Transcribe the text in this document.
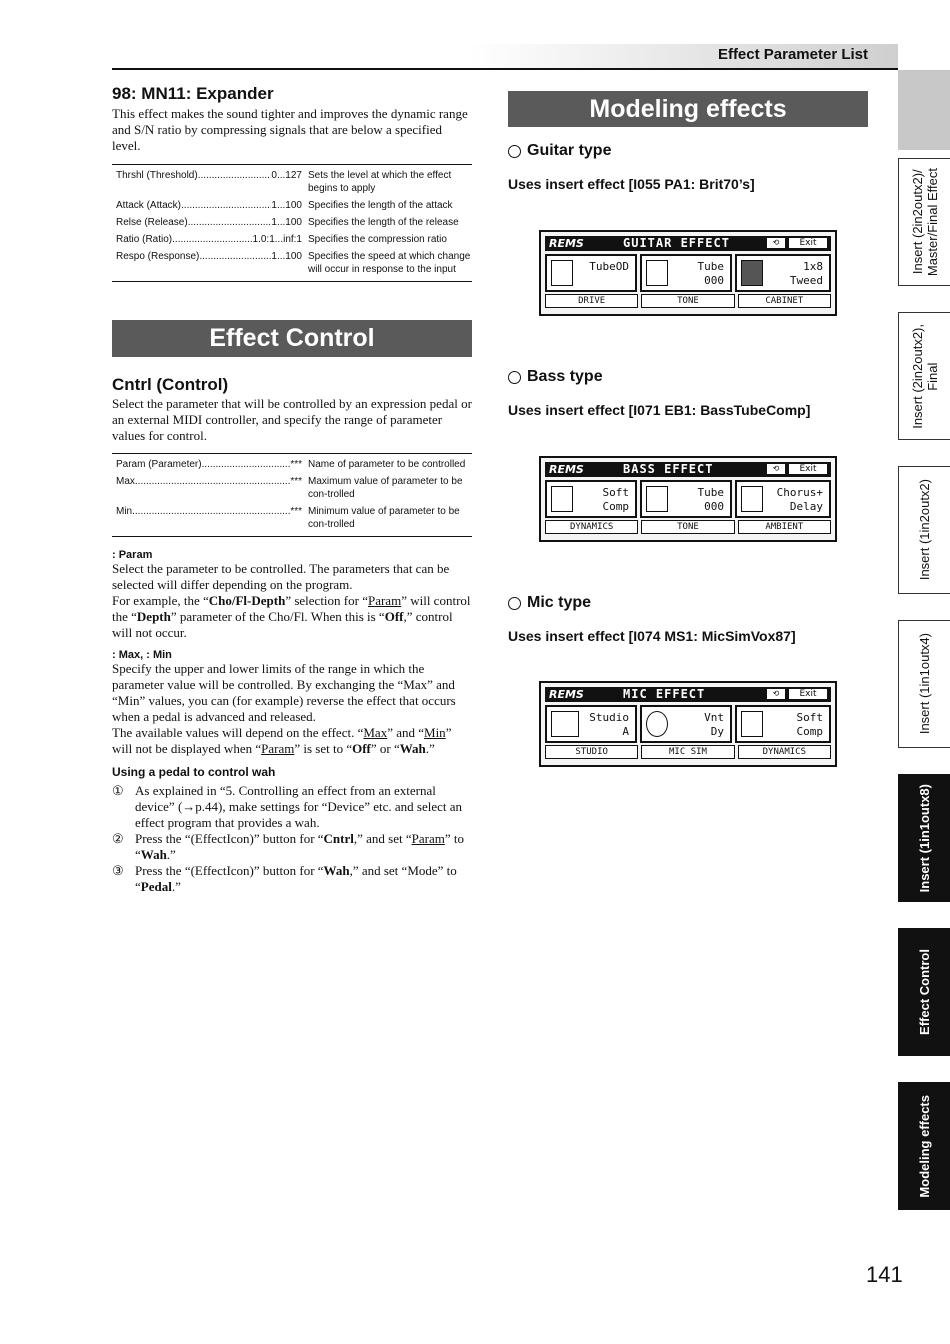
Effect Parameter List
Insert (2in2outx2)/
Master/Final Effect
Insert (2in2outx2),
Final
Insert (1in2outx2)
Insert (1in1outx4)
Insert (1in1outx8)
Effect Control
Modeling effects
98: MN11: Expander

This effect makes the sound tighter and improves the dynamic range and S/N ratio by compressing signals that are below a specified level.

Thrshl (Threshold) .....	0...127 Sets the level at which the effect begins to apply
Attack (Attack) .....	1...100 Specifies the length of the attack
Relse (Release) .....	1...100 Specifies the length of the release
Ratio (Ratio) .....	1.0:1...inf:1 Specifies the compression ratio
Respo (Response) .....	1...100 Specifies the speed at which change will occur in response to the input
Effect Control
Cntrl (Control)

Select the parameter that will be controlled by an expression pedal or an external MIDI controller, and specify the range of parameter values for control.

Param (Parameter) .....	*** Name of parameter to be controlled
Max .....	*** Maximum value of parameter to be con-trolled
Min .....	*** Minimum value of parameter to be con-trolled
: Param

Select the parameter to be controlled. The parameters that can be selected will differ depending on the program.

For example, the “Cho/Fl-Depth” selection for “Param” will control the “Depth” parameter of the Cho/Fl. When this is “Off,” control will not occur.

: Max, : Min

Specify the upper and lower limits of the range in which the parameter value will be controlled. By exchanging the “Max” and “Min” values, you can (for example) reverse the effect that occurs when a pedal is advanced and released.

The available values will depend on the effect. “Max” and “Min” will not be displayed when “Param” is set to “Off” or “Wah.”

Using a pedal to control wah
① As explained in “5. Controlling an effect from an external device” (→p.44), make settings for “Device” etc. and select an effect program that provides a wah.
② Press the “(EffectIcon)” button for “Cntrl,” and set “Param” to “Wah.”
③ Press the “(EffectIcon)” button for “Wah,” and set “Mode” to “Pedal.”
Modeling effects
Guitar type
Uses insert effect [I055 PA1: Brit70’s]
Bass type
Uses insert effect [I071 EB1: BassTubeComp]
Mic type
Uses insert effect [I074 MS1: MicSimVox87]
REMS	GUITAR EFFECT	⟲	Exit
TubeOD	Tube
000
1x8
Tweed
DRIVE	TONE	CABINET
REMS	BASS EFFECT	⟲	Exit
Soft
Comp
Tube
000
Chorus+
Delay
DYNAMICS	TONE	AMBIENT
REMS	MIC EFFECT	⟲	Exit
Studio
A
Vnt
Dy
Soft
Comp
STUDIO	MIC SIM	DYNAMICS
141
